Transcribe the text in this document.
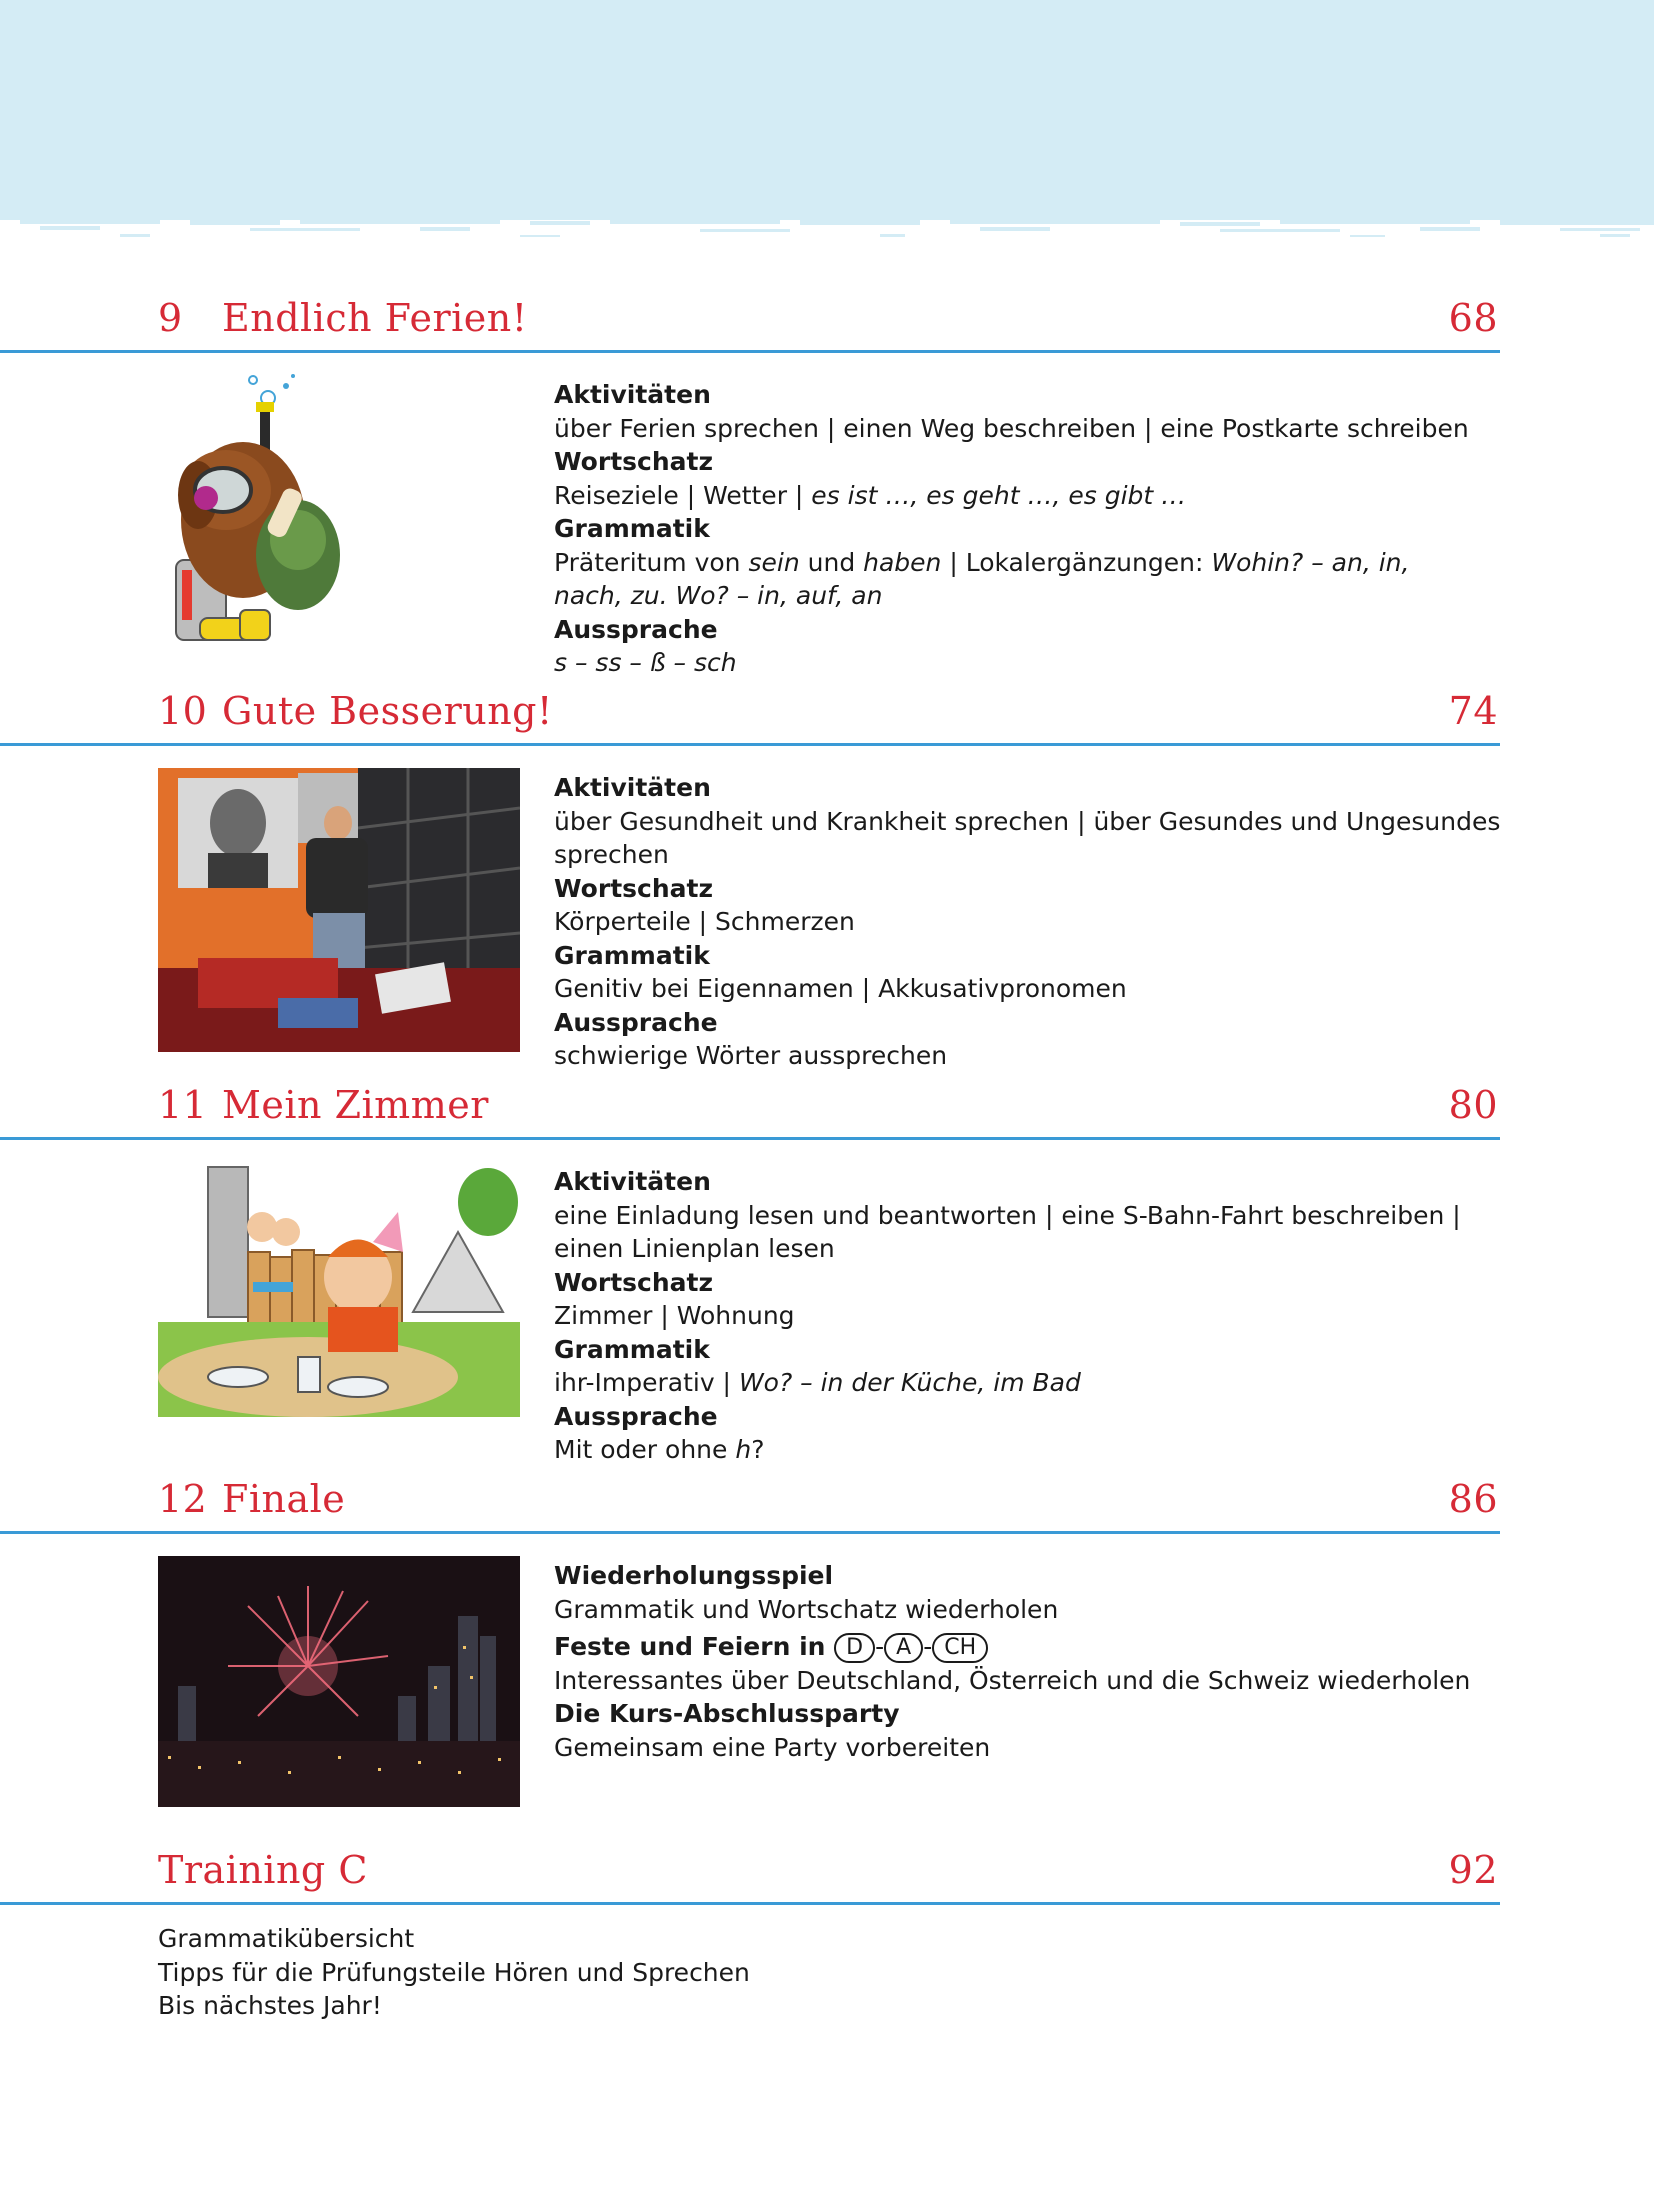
9 Endlich Ferien!	68
Aktivitäten
über Ferien sprechen | einen Weg beschreiben | eine Postkarte schreiben
Wortschatz
Reiseziele | Wetter | es ist …, es geht …, es gibt …
Grammatik
Präteritum von sein und haben | Lokalergänzungen: Wohin? – an, in,
nach, zu. Wo? – in, auf, an
Aussprache
s – ss – ß – sch
10 Gute Besserung!	74
Aktivitäten
über Gesundheit und Krankheit sprechen | über Gesundes und Ungesundes
sprechen
Wortschatz
Körperteile | Schmerzen
Grammatik
Genitiv bei Eigennamen | Akkusativpronomen
Aussprache
schwierige Wörter aussprechen
11 Mein Zimmer	80
Aktivitäten
eine Einladung lesen und beantworten | eine S-Bahn-Fahrt beschreiben |
einen Linienplan lesen
Wortschatz
Zimmer | Wohnung
Grammatik
ihr-Imperativ | Wo? – in der Küche, im Bad
Aussprache
Mit oder ohne h?
12 Finale	86
Wiederholungsspiel
Grammatik und Wortschatz wiederholen
Feste und Feiern in D - A - CH
Interessantes über Deutschland, Österreich und die Schweiz wiederholen
Die Kurs-Abschlussparty
Gemeinsam eine Party vorbereiten
Training C	92
Grammatikübersicht
Tipps für die Prüfungsteile Hören und Sprechen
Bis nächstes Jahr!
